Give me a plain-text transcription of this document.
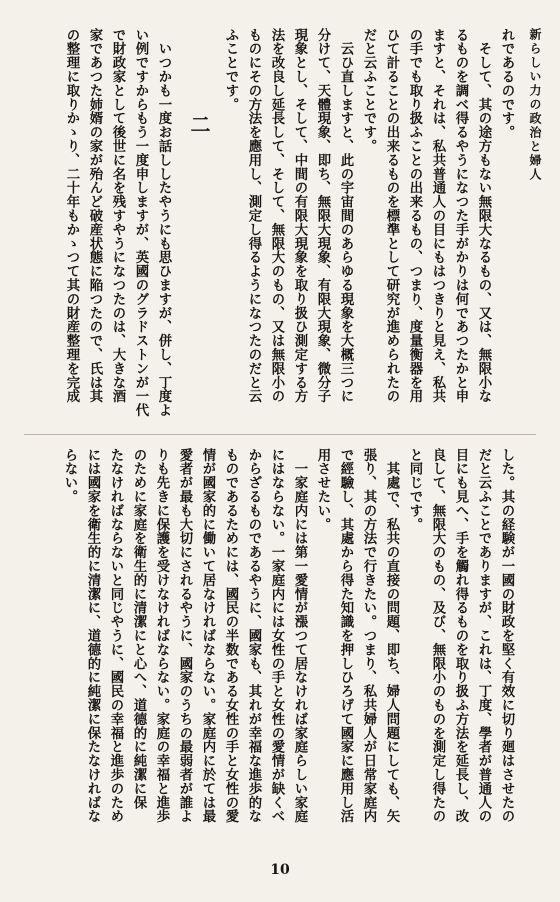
新らしい力の政治と婦人

れであるのです。

　そして、其の途方もない無限大なるもの、又は、無限小な

るものを調べ得るやうになつた手がかりは何であつたかと申

ますと、それは、私共普通人の目にもはつきりと見え、私共

の手でも取り扱ふことの出来るもの、つまり、度量衡器を用

ひて計ることの出来るものを標準として研究が進められたの

だと云ふことです。

　云ひ直しますと、此の宇宙間のあらゆる現象を大概三つに

分けて、天體現象、即ち、無限大現象、有限大現象、微分子

現象とし、そして、中間の有限大現象を取り扱ひ測定する方

法を改良し延長して、そして、無限大のもの、又は無限小の

ものにその方法を應用し、測定し得るようになつたのだと云

ふことです。

二

　いつかも一度お話ししたやうにも思ひますが、併し、丁度よ

い例ですからもう一度申しますが、英國のグラドストンが一代

で財政家として後世に名を残すやうになつたのは、大きな酒

家であつた姉婿の家が殆んど破産状態に陥つたので、氏は其

の整理に取りかゝり、二十年もかゝつて其の財産整理を完成

した。其の経験が一國の財政を堅く有效に切り廻はさせたの

だと云ふことでありますが、これは、丁度、學者が普通人の

目にも見へ、手を觸れ得るものを取り扱ふ方法を延長し、改

良して、無限大のもの、及び、無限小のものを測定し得たの

と同じです。

　其處で、私共の直接の問題、即ち、婦人問題にしても、矢

張り、其の方法で行きたい。つまり、私共婦人が日常家庭内

で經驗し、其處から得た知識を押しひろげて國家に應用し活

用させたい。

　一家庭内には第一愛情が漲つて居なければ家庭らしい家庭

にはならない。一家庭内には女性の手と女性の愛情が缺くべ

からざるものであるやうに、國家も、其れが幸福な進歩的な

ものであるためには、國民の半数である女性の手と女性の愛

情が國家的に働いて居なければならない。家庭内に於ては最

愛者が最も大切にされるやうに、國家のうちの最弱者が誰よ

りも先きに保護を受けなければならない。家庭の幸福と進歩

のために家庭を衛生的に清潔にと心へ、道德的に純潔に保

たなければならないと同じやうに、國民の幸福と進歩のため

には國家を衛生的に清潔に、道德的に純潔に保たなければな

らない。

10
